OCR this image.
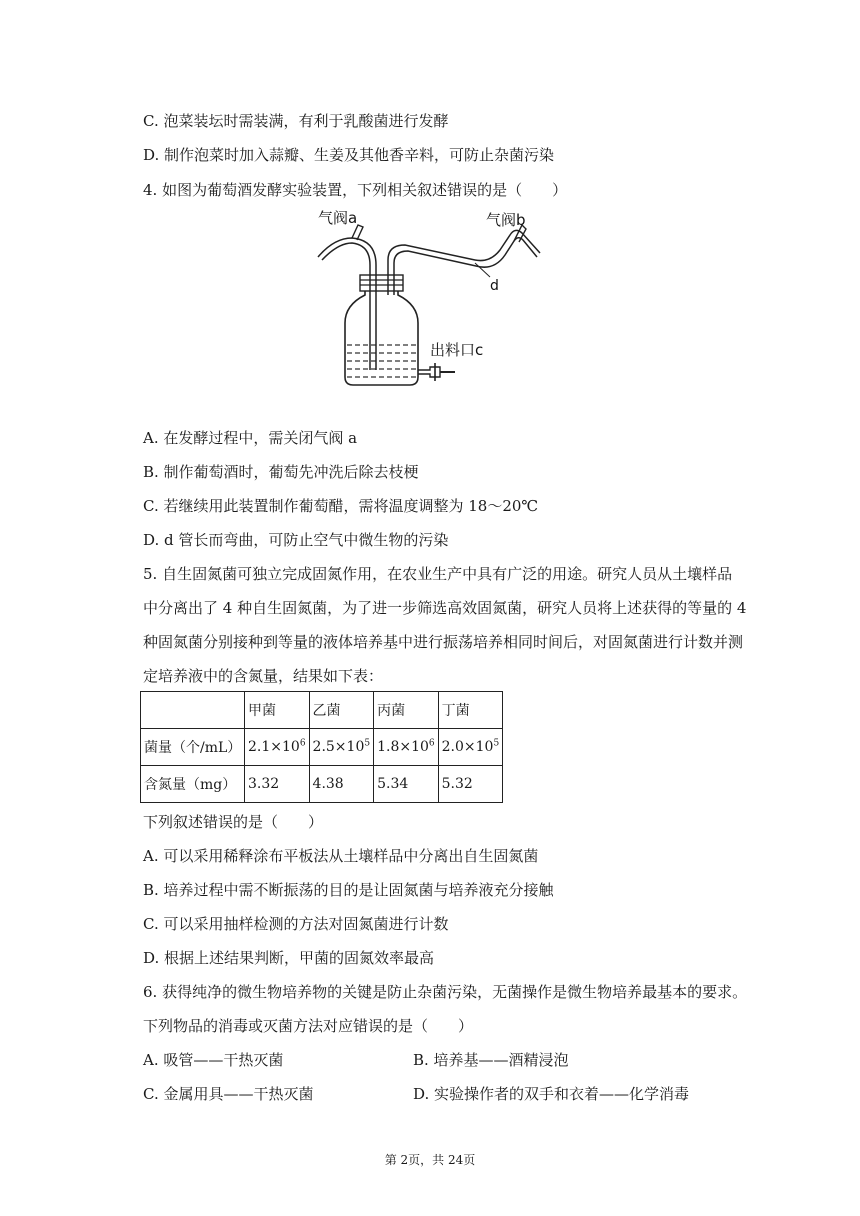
C. 泡菜装坛时需装满，有利于乳酸菌进行发酵
D. 制作泡菜时加入蒜瓣、生姜及其他香辛料，可防止杂菌污染
4. 如图为葡萄酒发酵实验装置，下列相关叙述错误的是（　　）
气阀a	气阀b
出料口c
d
A. 在发酵过程中，需关闭气阀 a
B. 制作葡萄酒时，葡萄先冲洗后除去枝梗
C. 若继续用此装置制作葡萄醋，需将温度调整为 18～20℃
D. d 管长而弯曲，可防止空气中微生物的污染
5. 自生固氮菌可独立完成固氮作用，在农业生产中具有广泛的用途。研究人员从土壤样品
中分离出了 4 种自生固氮菌，为了进一步筛选高效固氮菌，研究人员将上述获得的等量的 4
种固氮菌分别接种到等量的液体培养基中进行振荡培养相同时间后，对固氮菌进行计数并测
定培养液中的含氮量，结果如下表：
	甲菌	乙菌	丙菌	丁菌
菌量（个/mL）	$2.1\times 10^6$	$2.5\times 10^5$	$1.8\times 10^6$	$2.0\times 10^5$
含氮量（mg）	3.32	4.38	5.34	5.32
下列叙述错误的是（　　）
A. 可以采用稀释涂布平板法从土壤样品中分离出自生固氮菌
B. 培养过程中需不断振荡的目的是让固氮菌与培养液充分接触
C. 可以采用抽样检测的方法对固氮菌进行计数
D. 根据上述结果判断，甲菌的固氮效率最高
6. 获得纯净的微生物培养物的关键是防止杂菌污染，无菌操作是微生物培养最基本的要求。
下列物品的消毒或灭菌方法对应错误的是（　　）
A. 吸管——干热灭菌	B. 培养基——酒精浸泡
C. 金属用具——干热灭菌	D. 实验操作者的双手和衣着——化学消毒
第 2页，共 24页
